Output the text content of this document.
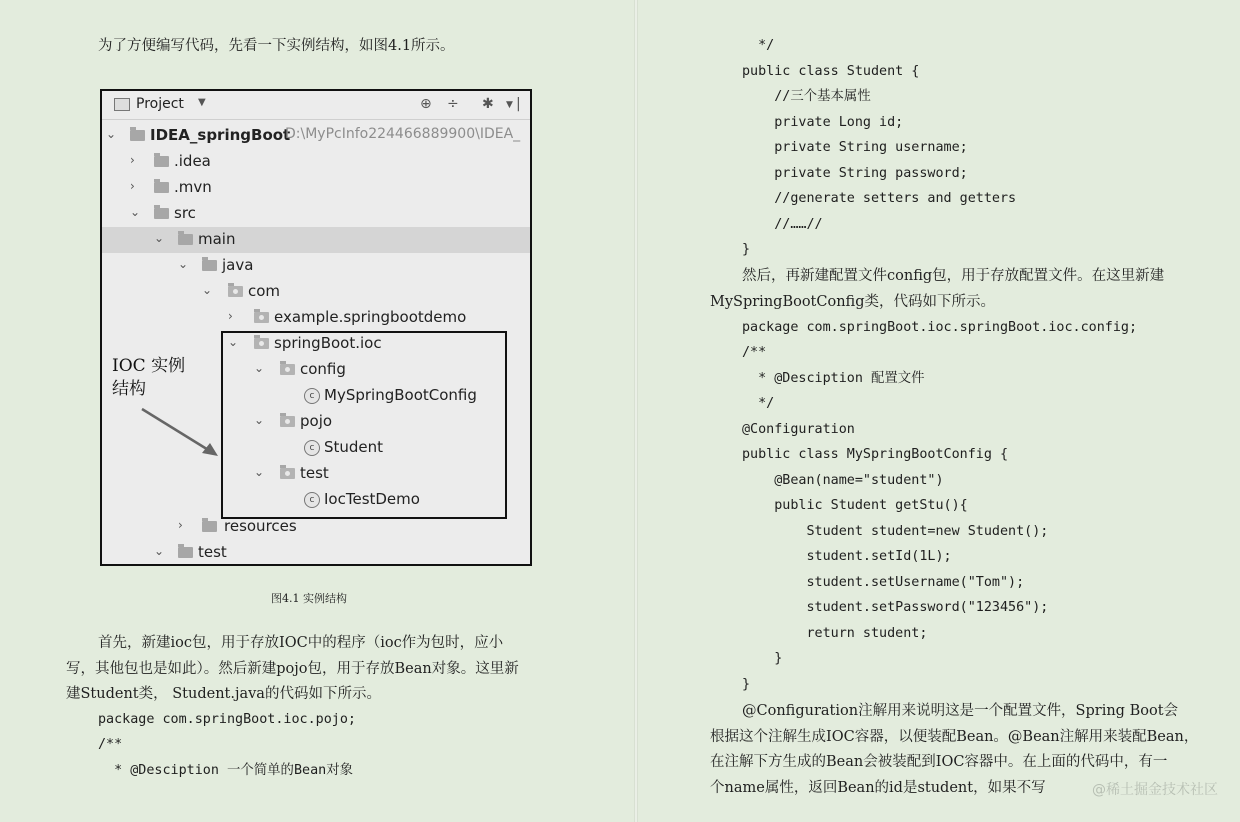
为了方便编写代码，先看一下实例结构，如图4.1所示。
Project ▼	⊕ ÷ ✱ ▼ |
⌄ IDEA_springBoot
D:\MyPcInfo224466889900\IDEA_
›	.idea
›	.mvn
⌄ src
⌄ main
⌄ java
⌄ com
›	example.springbootdemo
⌄ springBoot.ioc
⌄ config
c MySpringBootConfig
⌄ pojo
c Student
⌄ test
c IocTestDemo
›	resources
⌄ test
IOC 实例
结构
图4.1 实例结构
首先，新建ioc包，用于存放IOC中的程序（ioc作为包时，应小
写，其他包也是如此）。然后新建pojo包，用于存放Bean对象。这里新
建Student类， Student.java的代码如下所示。
package com.springBoot.ioc.pojo;
/**
* @Desciption 一个简单的Bean对象
*/
public class Student {
//三个基本属性
private Long id;
private String username;
private String password;
//generate setters and getters
//……//
}
然后，再新建配置文件config包，用于存放配置文件。在这里新建
MySpringBootConfig类，代码如下所示。
package com.springBoot.ioc.springBoot.ioc.config;
/**
* @Desciption 配置文件
*/
@Configuration
public class MySpringBootConfig {
@Bean(name="student")
public Student getStu(){
Student student=new Student();
student.setId(1L);
student.setUsername("Tom");
student.setPassword("123456");
return student;
}
}
@Configuration注解用来说明这是一个配置文件，Spring Boot会
根据这个注解生成IOC容器，以便装配Bean。@Bean注解用来装配Bean，
在注解下方生成的Bean会被装配到IOC容器中。在上面的代码中，有一
个name属性，返回Bean的id是student，如果不写	@稀土掘金技术社区
